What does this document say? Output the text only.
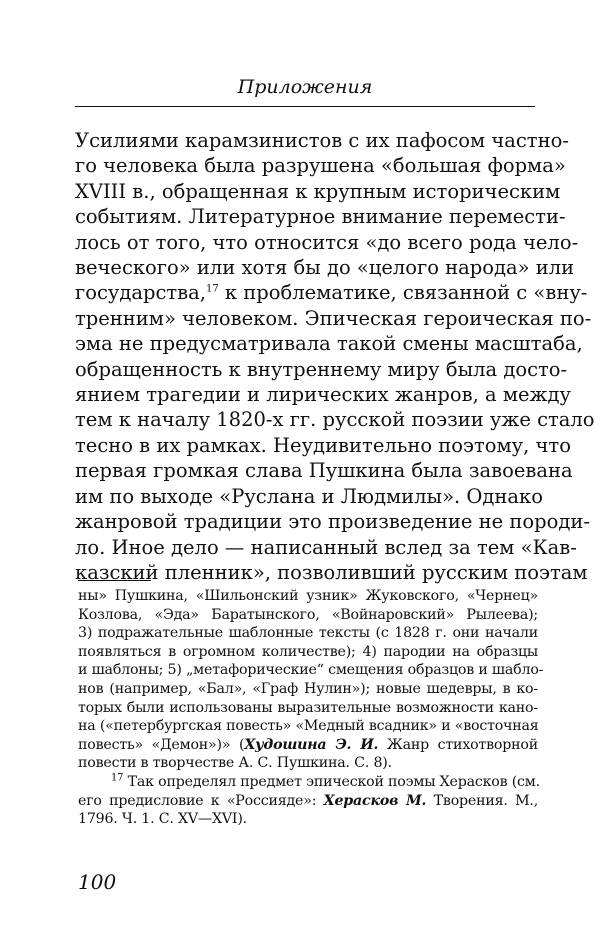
Приложения
Усилиями карамзинистов с их пафосом частно-
го человека была разрушена «большая форма»
XVIII в., обращенная к крупным историческим
событиям. Литературное внимание перемести-
лось от того, что относится «до всего рода чело-
веческого» или хотя бы до «целого народа» или
государства,$^{17}$ к проблематике, связанной с «вну-
тренним» человеком. Эпическая героическая по-
эма не предусматривала такой смены масштаба,
обращенность к внутреннему миру была досто-
янием трагедии и лирических жанров, а между
тем к началу 1820-х гг. русской поэзии уже стало
тесно в их рамках. Неудивительно поэтому, что
первая громкая слава Пушкина была завоевана
им по выходе «Руслана и Людмилы». Однако
жанровой традиции это произведение не породи-
ло. Иное дело — написанный вслед за тем «Кав-
казский пленник», позволивший русским поэтам
ны» Пушкина, «Шильонский узник» Жуковского, «Чернец»
Козлова, «Эда» Баратынского, «Войнаровский» Рылеева);
3) подражательные шаблонные тексты (с 1828 г. они начали
появляться в огромном количестве); 4) пародии на образцы
и шаблоны; 5) „метафорические“ смещения образцов и шабло-
нов (например, «Бал», «Граф Нулин»); новые шедевры, в ко-
торых были использованы выразительные возможности кано-
на («петербургская повесть» «Медный всадник» и «восточная
повесть» «Демон»)» (Худошина Э. И. Жанр стихотворной
повести в творчестве А. С. Пушкина. С. 8).
$^{17}$ Так определял предмет эпической поэмы Херасков (см.
его предисловие к «Россияде»: Херасков М. Творения. М.,
1796. Ч. 1. С. XV—XVI).
100
